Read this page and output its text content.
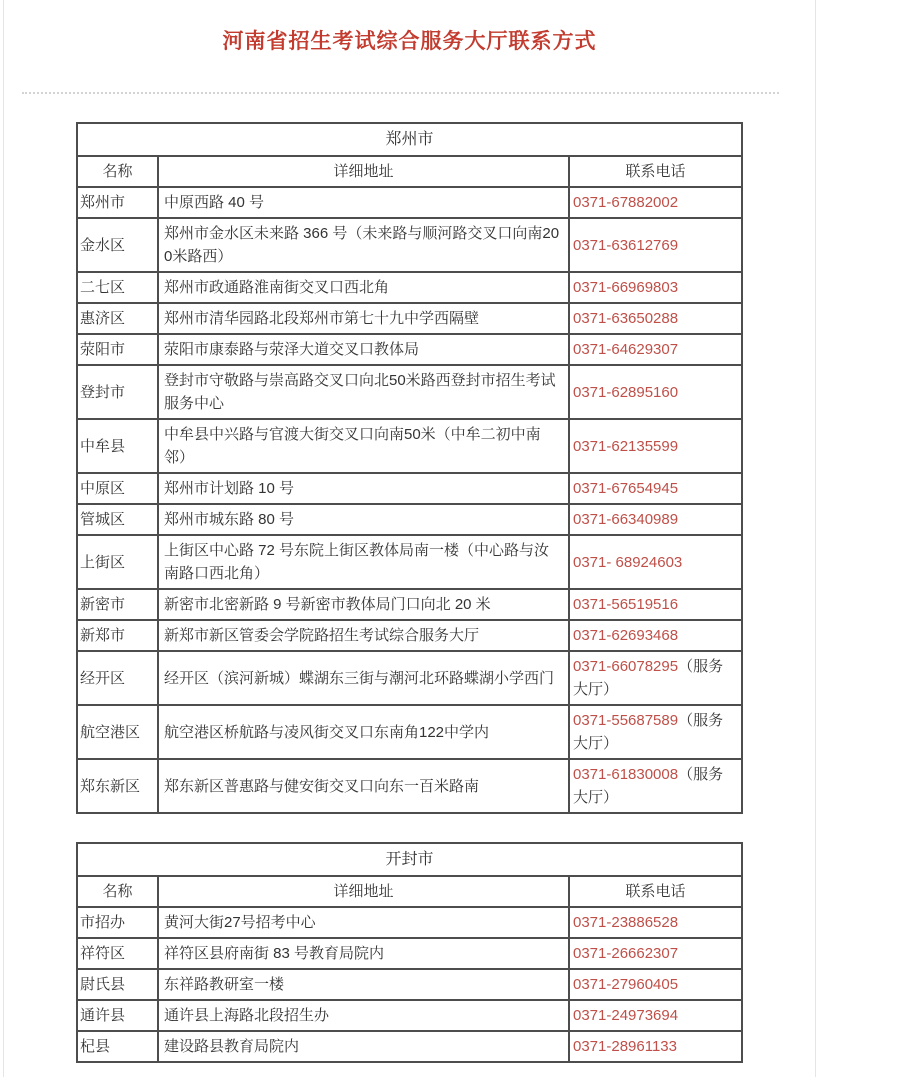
河南省招生考试综合服务大厅联系方式
郑州市		
名称	详细地址	联系电话
郑州市	中原西路 40 号	0371-67882002
金水区	郑州市金水区未来路 366 号（未来路与顺河路交叉口向南200米路西）	0371-63612769
二七区	郑州市政通路淮南街交叉口西北角	0371-66969803
惠济区	郑州市清华园路北段郑州市第七十九中学西隔壁	0371-63650288
荥阳市	荥阳市康泰路与荥泽大道交叉口教体局	0371-64629307
登封市	登封市守敬路与崇高路交叉口向北50米路西登封市招生考试服务中心	0371-62895160
中牟县	中牟县中兴路与官渡大街交叉口向南50米（中牟二初中南邻）	0371-62135599
中原区	郑州市计划路 10 号	0371-67654945
管城区	郑州市城东路 80 号	0371-66340989
上街区	上街区中心路 72 号东院上街区教体局南一楼（中心路与汝南路口西北角）	0371- 68924603
新密市	新密市北密新路 9 号新密市教体局门口向北 20 米	0371-56519516
新郑市	新郑市新区管委会学院路招生考试综合服务大厅	0371-62693468
经开区	经开区（滨河新城）蝶湖东三街与潮河北环路蝶湖小学西门	0371-66078295（服务大厅）
航空港区	航空港区桥航路与凌风街交叉口东南角122中学内	0371-55687589（服务大厅）
郑东新区	郑东新区普惠路与健安街交叉口向东一百米路南	0371-61830008（服务大厅）
开封市		
名称	详细地址	联系电话
市招办	黄河大街27号招考中心	0371-23886528
祥符区	祥符区县府南街 83 号教育局院内	0371-26662307
尉氏县	东祥路教研室一楼	0371-27960405
通许县	通许县上海路北段招生办	0371-24973694
杞县	建设路县教育局院内	0371-28961133
